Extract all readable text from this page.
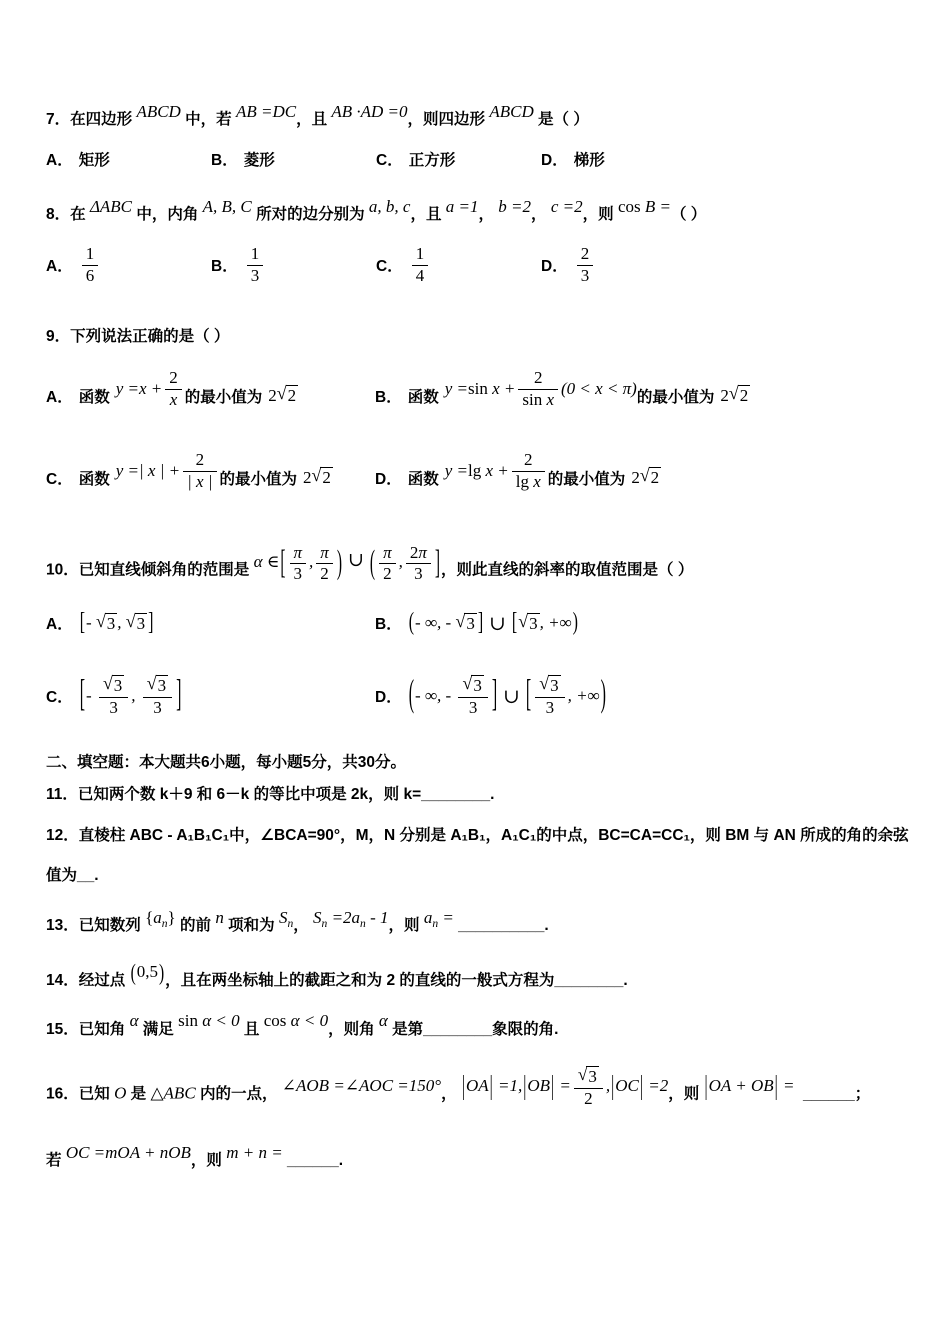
7．在四边形 ABCD 中，若 AB =DC，且 AB ·AD =0，则四边形 ABCD 是（ ）
A． 矩形	B． 菱形	C． 正方形	D． 梯形
8．在 ΔABC 中，内角 A, B, C 所对的边分别为 a, b, c，且 a =1， b =2， c =2，则 cos B =（ ）
A． $\frac{1}{6}$	B． $\frac{1}{3}$	C． $\frac{1}{4}$	D． $\frac{2}{3}$
9．下列说法正确的是（ ）
A． 函数 $y =x + \frac{2}{x}$ 的最小值为 2 √ 2	B． 函数 $y = \sin x + \frac{2}{\text{sin x}} (0 < x < \pi)$ 的最小值为 2 √ 2
C． 函数 y =| x | + $\frac{2}{| x |}$ 的最小值为 2 √ 2	D． 函数 $y = \lg x + \frac{2}{\text{lg x}}$ 的最小值为 2 √ 2
10．已知直线倾斜角的范围是 α ∈[ $\frac{\pi}{3}$ , $\frac{\pi}{2}$ ) ∪ ( $\frac{\pi}{2}$ , $\frac{2\pi}{3}$ ]，则此直线的斜率的取值范围是（ ）
A． [ - √ 3 , √ 3 ]	B． ( - ∞, - √ 3 ] ∪ [ √ 3 , +∞ )
C． [ - $\frac{√ 3}{3}$ , $\frac{√ 3}{3}$ ]	D． ( - ∞, - $\frac{√ 3}{3}$ ] ∪ [ $\frac{√ 3}{3}$ , +∞ )
二、填空题：本大题共6小题，每小题5分，共30分。
11．已知两个数 k＋9 和 6－k 的等比中项是 2k，则 k=________.
12．直棱柱 ABC - A₁B₁C₁中，∠BCA=90°，M，N 分别是 A₁B₁，A₁C₁的中点，BC=CA=CC₁，则 BM 与 AN 所成的角的余弦值为__.
13．已知数列 $\{a_n\}$ 的前 n 项和为 $S_n$， $S_n =2a_n - 1$，则 $a_n$ = __________.
14．经过点 (0,5)，且在两坐标轴上的截距之和为 2 的直线的一般式方程为________.
15．已知角 α 满足 sin α < 0 且 cos α < 0，则角 α 是第________象限的角.
16．已知 O 是 △ABC 内的一点， ∠AOB =∠AOC =150°， $|OA| =1,|OB| = \frac{√ 3}{2} ,|OC| =2$，则 |OA + OB| =  ______；
若 OC =mOA + nOB，则 m + n = ______.
